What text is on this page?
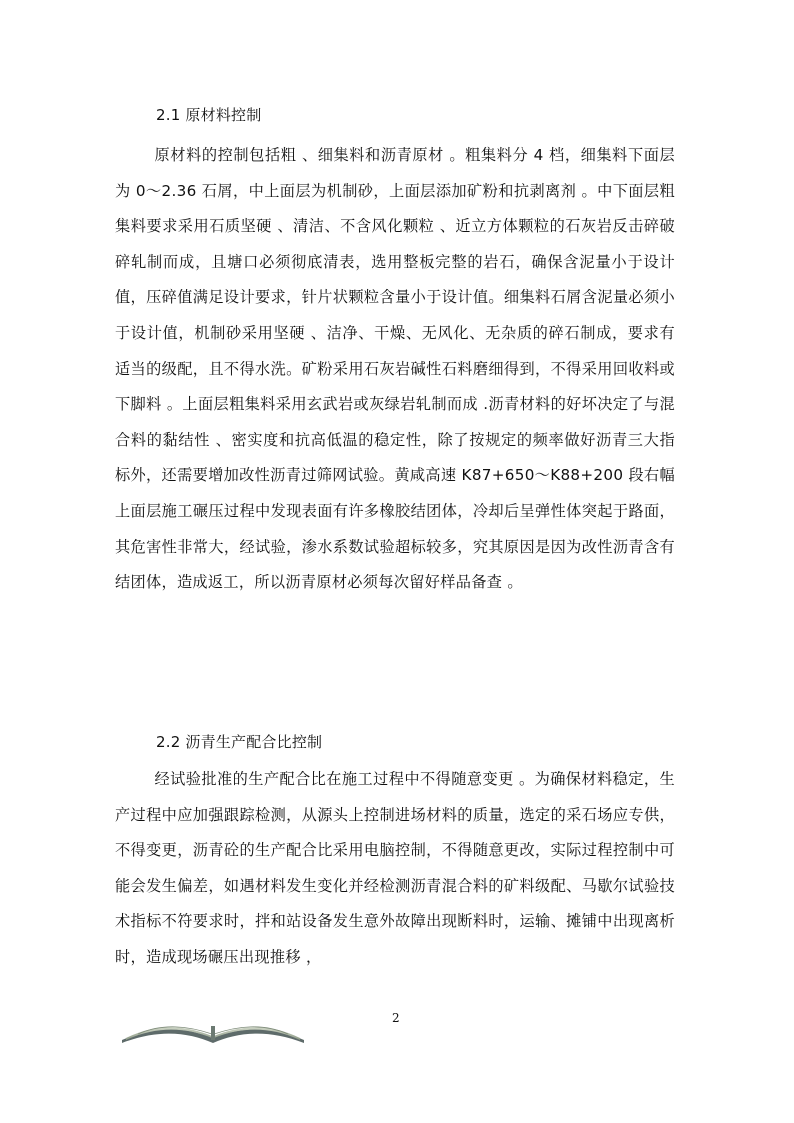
2.1 原材料控制

原材料的控制包括粗 、细集料和沥青原材 。粗集料分 4 档，细集料下面层为 0～2.36 石屑，中上面层为机制砂，上面层添加矿粉和抗剥离剂 。中下面层粗集料要求采用石质坚硬 、清洁、不含风化颗粒 、近立方体颗粒的石灰岩反击碎破碎轧制而成，且塘口必须彻底清表，选用整板完整的岩石，确保含泥量小于设计值，压碎值满足设计要求，针片状颗粒含量小于设计值。细集料石屑含泥量必须小于设计值，机制砂采用坚硬 、洁净、干燥、无风化、无杂质的碎石制成，要求有适当的级配，且不得水洗。矿粉采用石灰岩碱性石料磨细得到，不得采用回收料或下脚料 。上面层粗集料采用玄武岩或灰绿岩轧制而成 .沥青材料的好坏决定了与混合料的黏结性 、密实度和抗高低温的稳定性，除了按规定的频率做好沥青三大指标外，还需要增加改性沥青过筛网试验。黄咸高速 K87+650～K88+200 段右幅上面层施工碾压过程中发现表面有许多橡胶结团体，冷却后呈弹性体突起于路面，其危害性非常大，经试验，渗水系数试验超标较多，究其原因是因为改性沥青含有结团体，造成返工，所以沥青原材必须每次留好样品备查 。

2.2 沥青生产配合比控制

经试验批准的生产配合比在施工过程中不得随意变更 。为确保材料稳定，生产过程中应加强跟踪检测，从源头上控制进场材料的质量，选定的采石场应专供，不得变更，沥青砼的生产配合比采用电脑控制，不得随意更改，实际过程控制中可能会发生偏差，如遇材料发生变化并经检测沥青混合料的矿料级配、马歇尔试验技术指标不符要求时，拌和站设备发生意外故障出现断料时，运输、摊铺中出现离析时，造成现场碾压出现推移 ，

2
